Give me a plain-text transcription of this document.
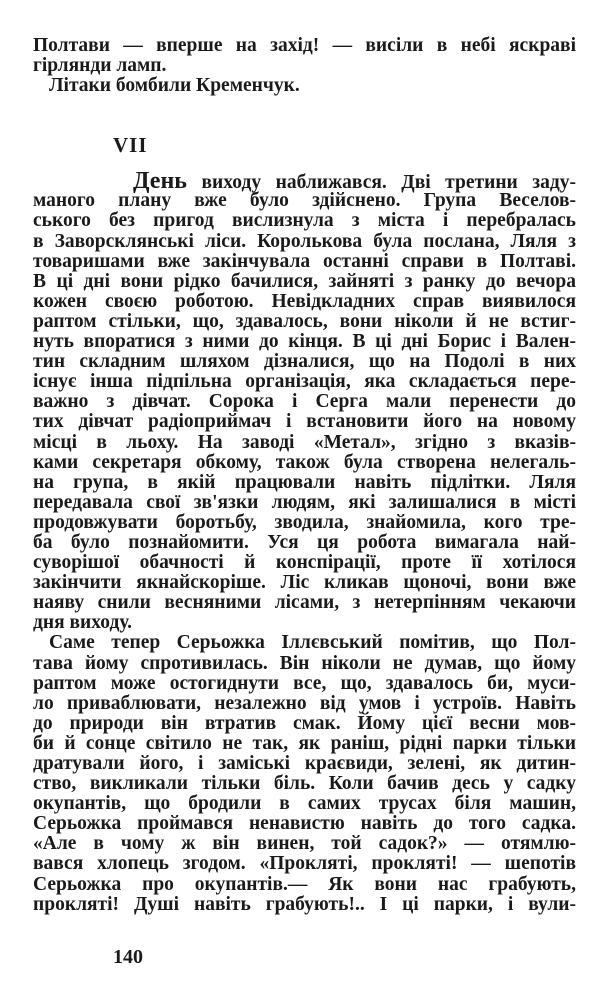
Полтави — вперше на захід! — висіли в небі яскраві
гірлянди ламп.
Літаки бомбили Кременчук.
День виходу наближався. Дві третини заду-
маного плану вже було здійснено. Група Веселов-
ського без пригод вислизнула з міста і перебралась
в Заворсклянські ліси. Королькова була послана, Ляля з
товаришами вже закінчувала останні справи в Полтаві.
В ці дні вони рідко бачилися, зайняті з ранку до вечора
кожен своєю роботою. Невідкладних справ виявилося
раптом стільки, що, здавалось, вони ніколи й не встиг-
нуть впоратися з ними до кінця. В ці дні Борис і Вален-
тин складним шляхом дізналися, що на Подолі в них
існує інша підпільна організація, яка складається пере-
важно з дівчат. Сорока і Серга мали перенести до
тих дівчат радіоприймач і встановити його на новому
місці в льоху. На заводі «Метал», згідно з вказів-
ками секретаря обкому, також була створена нелегаль-
на група, в якій працювали навіть підлітки. Ляля
передавала свої зв'язки людям, які залишалися в місті
продовжувати боротьбу, зводила, знайомила, кого тре-
ба було познайомити. Уся ця робота вимагала най-
суворішої обачності й конспірації, проте її хотілося
закінчити якнайскоріше. Ліс кликав щоночі, вони вже
наяву снили весняними лісами, з нетерпінням чекаючи
дня виходу.
Саме тепер Серьожка Іллєвський помітив, що Пол-
тава йому спротивилась. Він ніколи не думав, що йому
раптом може остогиднути все, що, здавалось би, муси-
ло приваблювати, незалежно від умов і устроїв. Навіть
до природи він втратив смак. Йому цієї весни мов-
би й сонце світило не так, як раніш, рідні парки тільки
дратували його, і заміські краєвиди, зелені, як дитин-
ство, викликали тільки біль. Коли бачив десь у садку
окупантів, що бродили в самих трусах біля машин,
Серьожка проймався ненавистю навіть до того садка.
«Але в чому ж він винен, той садок?» — отямлю-
вався хлопець згодом. «Прокляті, прокляті! — шепотів
Серьожка про окупантів.— Як вони нас грабують,
прокляті! Душі навіть грабують!.. І ці парки, і вули-
VII
140
